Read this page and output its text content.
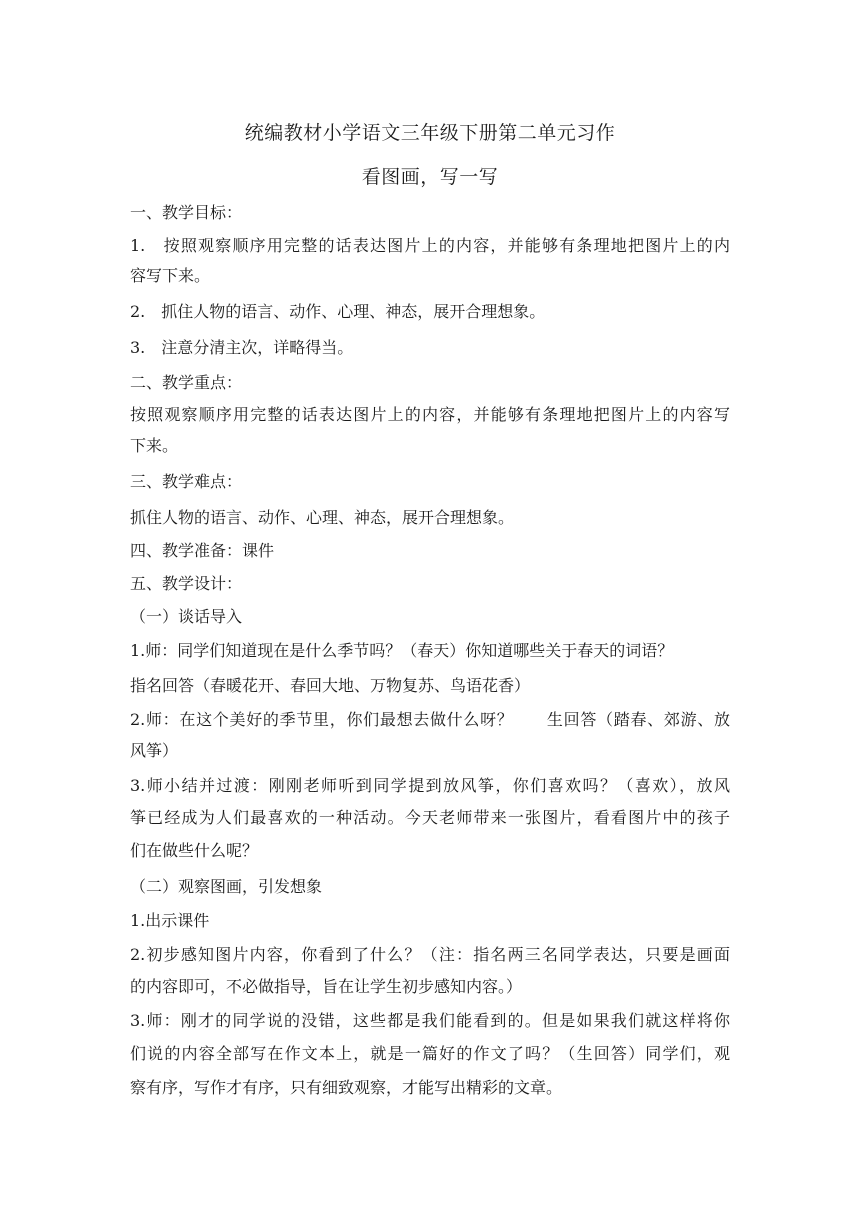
统编教材小学语文三年级下册第二单元习作
看图画，写一写
一、教学目标：
1.　按照观察顺序用完整的话表达图片上的内容，并能够有条理地把图片上的内
容写下来。
2.　抓住人物的语言、动作、心理、神态，展开合理想象。
3.　注意分清主次，详略得当。
二、教学重点：
按照观察顺序用完整的话表达图片上的内容，并能够有条理地把图片上的内容写
下来。
三、教学难点：
抓住人物的语言、动作、心理、神态，展开合理想象。
四、教学准备：课件
五、教学设计：
（一）谈话导入
1.师：同学们知道现在是什么季节吗？（春天）你知道哪些关于春天的词语？
指名回答（春暖花开、春回大地、万物复苏、鸟语花香）
2.师：在这个美好的季节里，你们最想去做什么呀？　　生回答（踏春、郊游、放
风筝）
3.师小结并过渡：刚刚老师听到同学提到放风筝，你们喜欢吗？（喜欢），放风
筝已经成为人们最喜欢的一种活动。今天老师带来一张图片，看看图片中的孩子
们在做些什么呢？
（二）观察图画，引发想象
1.出示课件
2.初步感知图片内容，你看到了什么？（注：指名两三名同学表达，只要是画面
的内容即可，不必做指导，旨在让学生初步感知内容。）
3.师：刚才的同学说的没错，这些都是我们能看到的。但是如果我们就这样将你
们说的内容全部写在作文本上，就是一篇好的作文了吗？（生回答）同学们，观
察有序，写作才有序，只有细致观察，才能写出精彩的文章。
